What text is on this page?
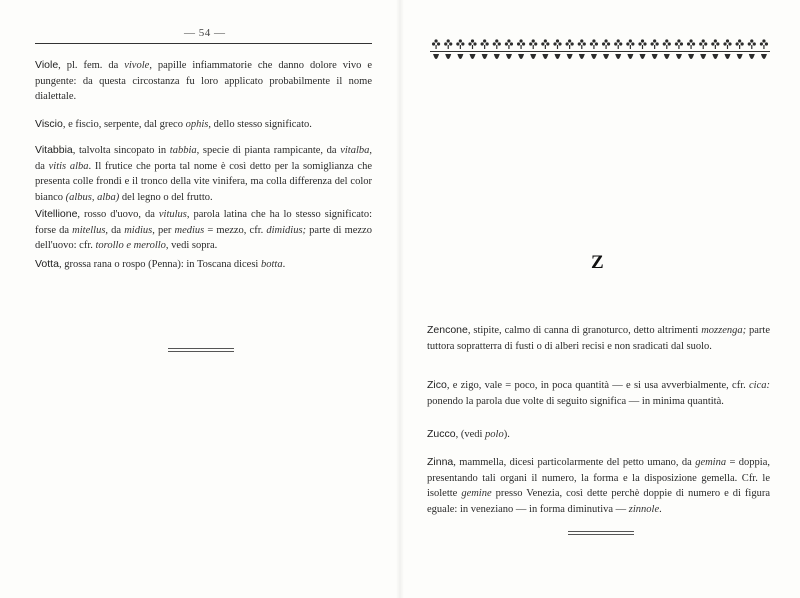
— 54 —

Viole, pl. fem. da vivole, papille infiammatorie che danno dolore vivo e pungente: da questa circostanza fu loro applicato probabilmente il nome dialettale.

Viscio, e fiscio, serpente, dal greco ophis, dello stesso significato.

Vitabbia, talvolta sincopato in tabbia, specie di pianta rampicante, da vitalba, da vitis alba. Il frutice che porta tal nome è così detto per la somiglianza che presenta colle frondi e il tronco della vite vinifera, ma colla differenza del color bianco (albus, alba) del legno o del frutto.

Vitellione, rosso d'uovo, da vitulus, parola latina che ha lo stesso significato: forse da mitellus, da midius, per medius = mezzo, cfr. dimidius; parte di mezzo dell'uovo: cfr. torollo e merollo, vedi sopra.

Votta, grossa rana o rospo (Penna): in Toscana dicesi botta.	Z

Zencone, stipite, calmo di canna di granoturco, detto altrimenti mozzenga; parte tuttora sopratterra di fusti o di alberi recisi e non sradicati dal suolo.

Zico, e zigo, vale = poco, in poca quantità — e si usa avverbialmente, cfr. cica: ponendo la parola due volte di seguito significa — in minima quantità.

Zucco, (vedi polo).

Zinna, mammella, dicesi particolarmente del petto umano, da gemina = doppia, presentando tali organi il numero, la forma e la disposizione gemella. Cfr. le isolette gemine presso Venezia, così dette perchè doppie di numero e di figura eguale: in veneziano — in forma diminutiva — zinnole.
